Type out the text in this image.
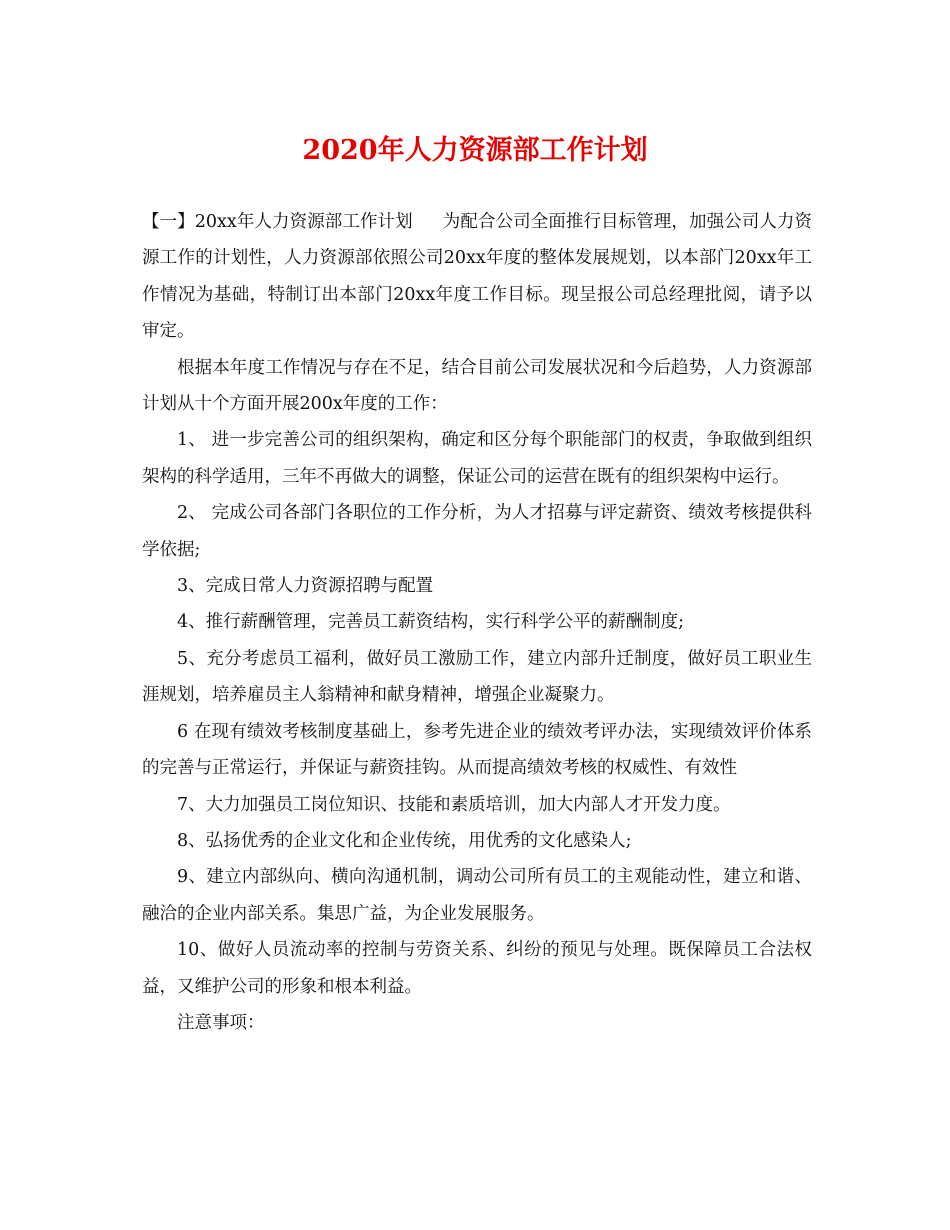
2020年人力资源部工作计划

【一】20xx年人力资源部工作计划 为配合公司全面推行目标管理，加强公司人力资源工作的计划性，人力资源部依照公司20xx年度的整体发展规划，以本部门20xx年工作情况为基础，特制订出本部门20xx年度工作目标。现呈报公司总经理批阅，请予以审定。

根据本年度工作情况与存在不足，结合目前公司发展状况和今后趋势，人力资源部计划从十个方面开展200x年度的工作：

1、 进一步完善公司的组织架构，确定和区分每个职能部门的权责，争取做到组织架构的科学适用，三年不再做大的调整，保证公司的运营在既有的组织架构中运行。

2、 完成公司各部门各职位的工作分析，为人才招募与评定薪资、绩效考核提供科学依据;

3、完成日常人力资源招聘与配置

4、推行薪酬管理，完善员工薪资结构，实行科学公平的薪酬制度;

5、充分考虑员工福利，做好员工激励工作，建立内部升迁制度，做好员工职业生涯规划，培养雇员主人翁精神和献身精神，增强企业凝聚力。

6 在现有绩效考核制度基础上，参考先进企业的绩效考评办法，实现绩效评价体系的完善与正常运行，并保证与薪资挂钩。从而提高绩效考核的权威性、有效性

7、大力加强员工岗位知识、技能和素质培训，加大内部人才开发力度。

8、弘扬优秀的企业文化和企业传统，用优秀的文化感染人;

9、建立内部纵向、横向沟通机制，调动公司所有员工的主观能动性，建立和谐、融洽的企业内部关系。集思广益，为企业发展服务。

10、做好人员流动率的控制与劳资关系、纠纷的预见与处理。既保障员工合法权益，又维护公司的形象和根本利益。

注意事项：
